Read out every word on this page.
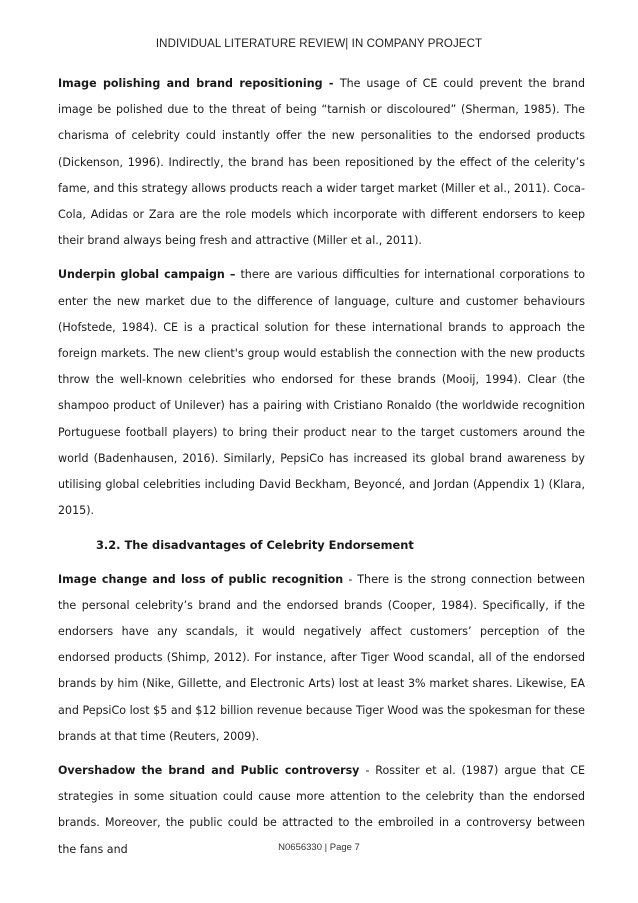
INDIVIDUAL LITERATURE REVIEW| IN COMPANY PROJECT

Image polishing and brand repositioning - The usage of CE could prevent the brand image be polished due to the threat of being “tarnish or discoloured” (Sherman, 1985). The charisma of celebrity could instantly offer the new personalities to the endorsed products (Dickenson, 1996). Indirectly, the brand has been repositioned by the effect of the celerity’s fame, and this strategy allows products reach a wider target market (Miller et al., 2011). Coca-Cola, Adidas or Zara are the role models which incorporate with different endorsers to keep their brand always being fresh and attractive (Miller et al., 2011).

Underpin global campaign – there are various difficulties for international corporations to enter the new market due to the difference of language, culture and customer behaviours (Hofstede, 1984). CE is a practical solution for these international brands to approach the foreign markets. The new client's group would establish the connection with the new products throw the well-known celebrities who endorsed for these brands (Mooij, 1994). Clear (the shampoo product of Unilever) has a pairing with Cristiano Ronaldo (the worldwide recognition Portuguese football players) to bring their product near to the target customers around the world (Badenhausen, 2016). Similarly, PepsiCo has increased its global brand awareness by utilising global celebrities including David Beckham, Beyoncé, and Jordan (Appendix 1) (Klara, 2015).

3.2. The disadvantages of Celebrity Endorsement

Image change and loss of public recognition - There is the strong connection between the personal celebrity’s brand and the endorsed brands (Cooper, 1984). Specifically, if the endorsers have any scandals, it would negatively affect customers’ perception of the endorsed products (Shimp, 2012). For instance, after Tiger Wood scandal, all of the endorsed brands by him (Nike, Gillette, and Electronic Arts) lost at least 3% market shares. Likewise, EA and PepsiCo lost $5 and $12 billion revenue because Tiger Wood was the spokesman for these brands at that time (Reuters, 2009).

Overshadow the brand and Public controversy - Rossiter et al. (1987) argue that CE strategies in some situation could cause more attention to the celebrity than the endorsed brands. Moreover, the public could be attracted to the embroiled in a controversy between the fans and	N0656330 | Page 7
